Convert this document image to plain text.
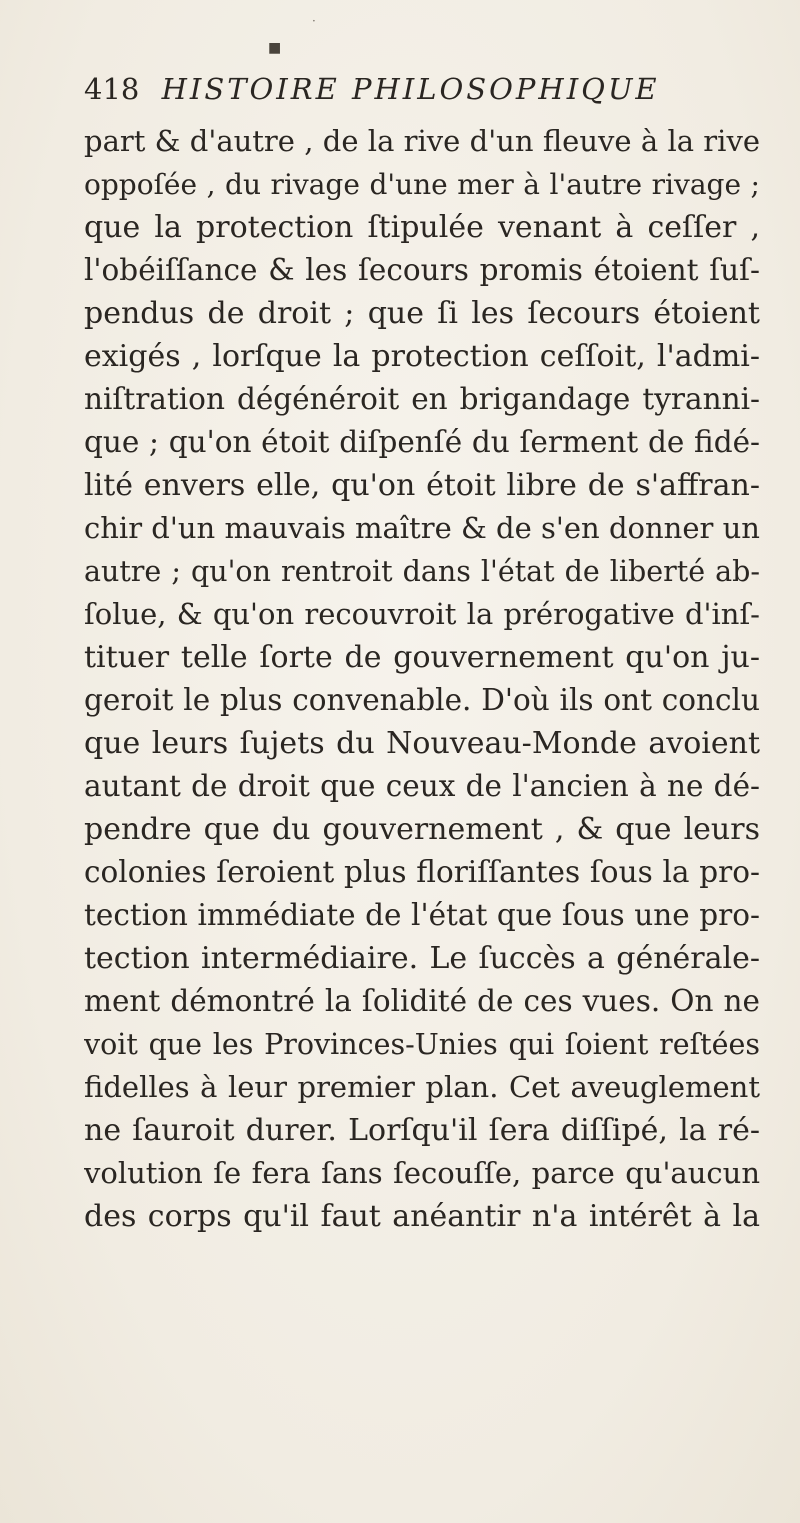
·
■
418 HISTOIRE PHILOSOPHIQUE
part & d'autre , de la rive d'un fleuve à la rive
oppoſée , du rivage d'une mer à l'autre rivage ;
que la protection ſtipulée venant à ceſſer ,
l'obéiſſance & les ſecours promis étoient ſuſ-
pendus de droit ; que ſi les ſecours étoient
exigés , lorſque la protection ceſſoit, l'admi-
niſtration dégénéroit en brigandage tyranni-
que ; qu'on étoit diſpenſé du ſerment de fidé-
lité envers elle, qu'on étoit libre de s'affran-
chir d'un mauvais maître & de s'en donner un
autre ; qu'on rentroit dans l'état de liberté ab-
ſolue, & qu'on recouvroit la prérogative d'inſ-
tituer telle ſorte de gouvernement qu'on ju-
geroit le plus convenable. D'où ils ont conclu
que leurs ſujets du Nouveau-Monde avoient
autant de droit que ceux de l'ancien à ne dé-
pendre que du gouvernement , & que leurs
colonies ſeroient plus floriſſantes ſous la pro-
tection immédiate de l'état que ſous une pro-
tection intermédiaire. Le ſuccès a générale-
ment démontré la ſolidité de ces vues. On ne
voit que les Provinces-Unies qui ſoient reſtées
fidelles à leur premier plan. Cet aveuglement
ne ſauroit durer. Lorſqu'il ſera diſſipé, la ré-
volution ſe fera ſans ſecouſſe, parce qu'aucun
des corps qu'il faut anéantir n'a intérêt à la
